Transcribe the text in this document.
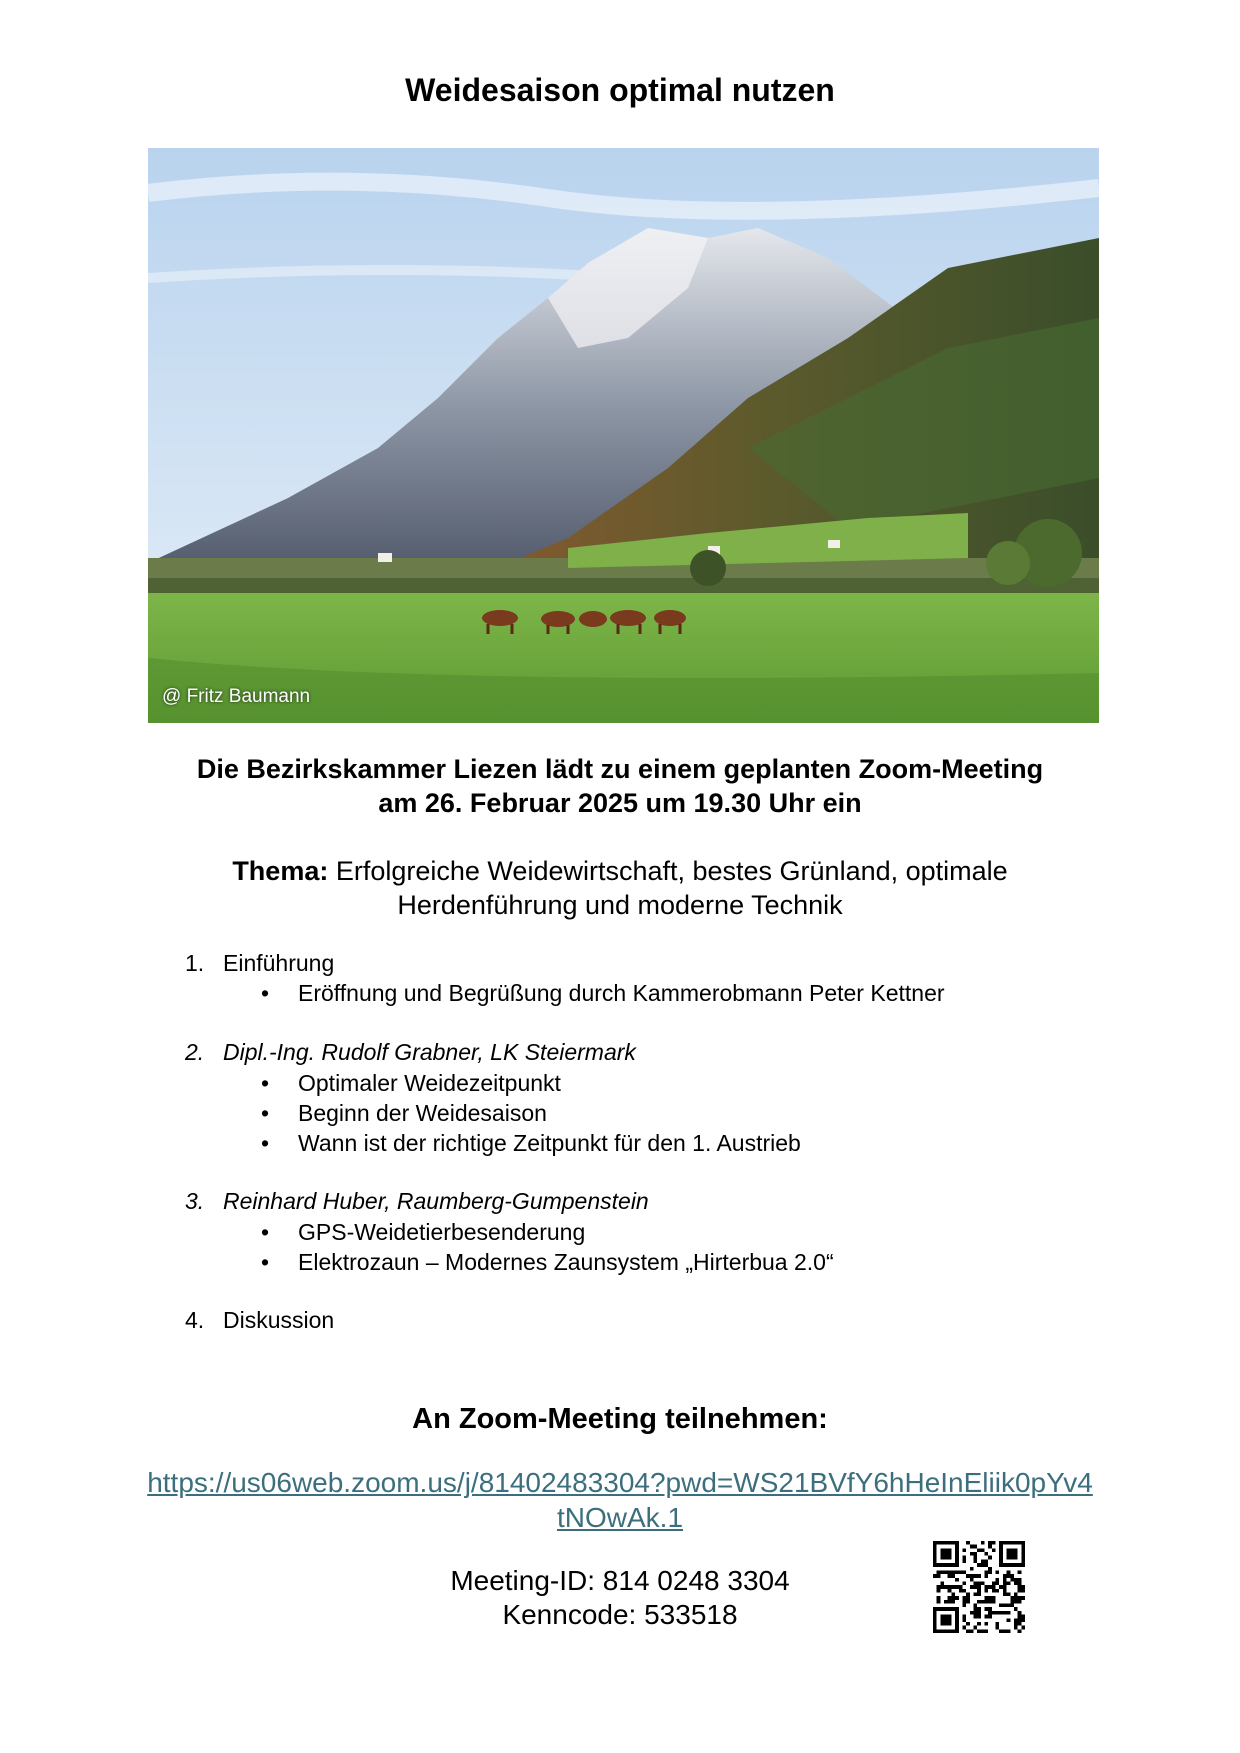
Weidesaison optimal nutzen
@ Fritz Baumann
Die Bezirkskammer Liezen lädt zu einem geplanten Zoom-Meeting
am 26. Februar 2025 um 19.30 Uhr ein
Thema: Erfolgreiche Weidewirtschaft, bestes Grünland, optimale Herdenführung und moderne Technik
1. Einführung
• Eröffnung und Begrüßung durch Kammerobmann Peter Kettner
2. Dipl.-Ing. Rudolf Grabner, LK Steiermark
• Optimaler Weidezeitpunkt
• Beginn der Weidesaison
• Wann ist der richtige Zeitpunkt für den 1. Austrieb
3. Reinhard Huber, Raumberg-Gumpenstein
• GPS-Weidetierbesenderung
• Elektrozaun – Modernes Zaunsystem „Hirterbua 2.0“
4. Diskussion
An Zoom-Meeting teilnehmen:
https://us06web.zoom.us/j/81402483304?pwd=WS21BVfY6hHeInEliik0pYv4tNOwAk.1
Meeting-ID: 814 0248 3304
Kenncode: 533518
